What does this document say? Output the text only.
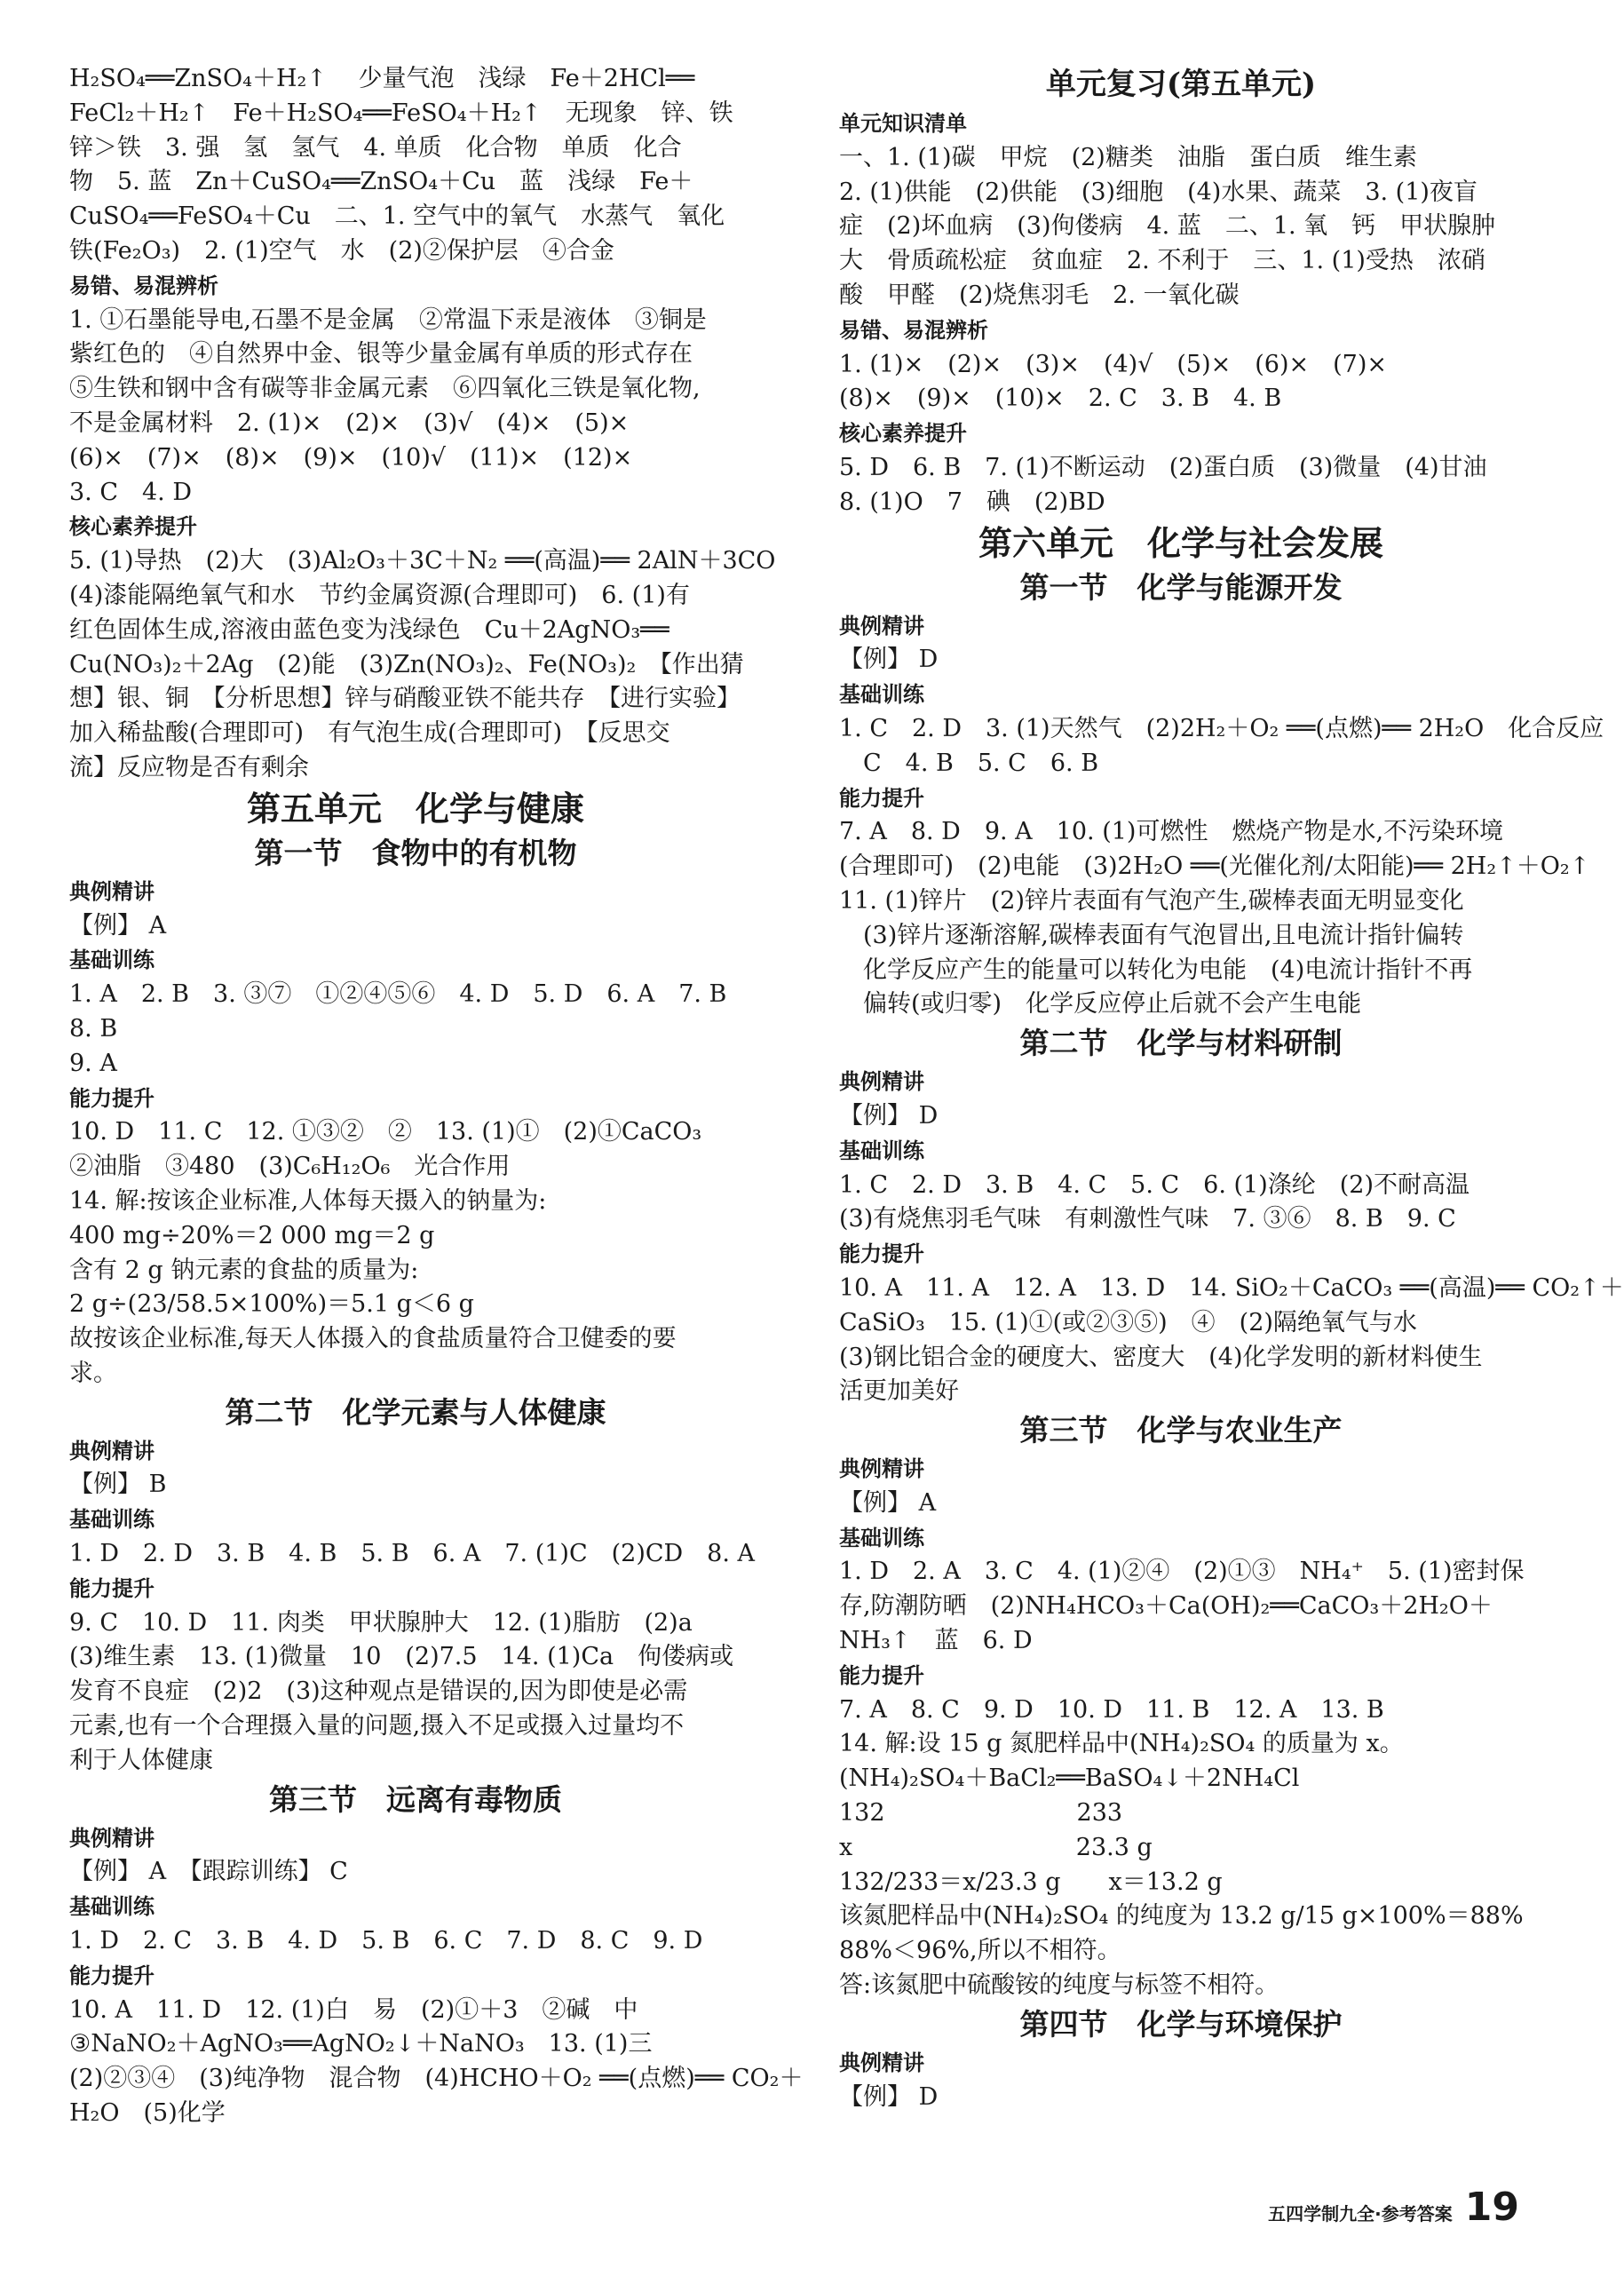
H₂SO₄══ZnSO₄＋H₂↑　 少量气泡　浅绿　Fe＋2HCl══
FeCl₂＋H₂↑　Fe＋H₂SO₄══FeSO₄＋H₂↑　无现象　锌、铁
锌＞铁　3. 强　氢　氢气　4. 单质　化合物　单质　化合
物　5. 蓝　Zn＋CuSO₄══ZnSO₄＋Cu　蓝　浅绿　Fe＋
CuSO₄══FeSO₄＋Cu　二、1. 空气中的氧气　水蒸气　氧化
铁(Fe₂O₃)　2. (1)空气　水　(2)②保护层　④合金
易错、易混辨析
1. ①石墨能导电,石墨不是金属　②常温下汞是液体　③铜是
紫红色的　④自然界中金、银等少量金属有单质的形式存在
⑤生铁和钢中含有碳等非金属元素　⑥四氧化三铁是氧化物,
不是金属材料　2. (1)×　(2)×　(3)√　(4)×　(5)×
(6)×　(7)×　(8)×　(9)×　(10)√　(11)×　(12)×
3. C　4. D
核心素养提升
5. (1)导热　(2)大　(3)Al₂O₃＋3C＋N₂ ══(高温)══ 2AlN＋3CO
(4)漆能隔绝氧气和水　节约金属资源(合理即可)　6. (1)有
红色固体生成,溶液由蓝色变为浅绿色　Cu＋2AgNO₃══
Cu(NO₃)₂＋2Ag　(2)能　(3)Zn(NO₃)₂、Fe(NO₃)₂　【作出猜
想】银、铜　【分析思想】锌与硝酸亚铁不能共存　【进行实验】
加入稀盐酸(合理即可)　有气泡生成(合理即可)　【反思交
流】反应物是否有剩余
第五单元　化学与健康
第一节　食物中的有机物
典例精讲
【例】 A
基础训练
1. A　2. B　3. ③⑦　①②④⑤⑥　4. D　5. D　6. A　7. B
8. B
9. A
能力提升
10. D　11. C　12. ①③②　②　13. (1)①　(2)①CaCO₃
②油脂　③480　(3)C₆H₁₂O₆　光合作用
14. 解:按该企业标准,人体每天摄入的钠量为:
400 mg÷20%＝2 000 mg＝2 g
含有 2 g 钠元素的食盐的质量为:
2 g÷(23/58.5×100%)＝5.1 g＜6 g
故按该企业标准,每天人体摄入的食盐质量符合卫健委的要
求。
第二节　化学元素与人体健康
典例精讲
【例】 B
基础训练
1. D　2. D　3. B　4. B　5. B　6. A　7. (1)C　(2)CD　8. A
能力提升
9. C　10. D　11. 肉类　甲状腺肿大　12. (1)脂肪　(2)a
(3)维生素　13. (1)微量　10　(2)7.5　14. (1)Ca　佝偻病或
发育不良症　(2)2　(3)这种观点是错误的,因为即使是必需
元素,也有一个合理摄入量的问题,摄入不足或摄入过量均不
利于人体健康
第三节　远离有毒物质
典例精讲
【例】 A　【跟踪训练】 C
基础训练
1. D　2. C　3. B　4. D　5. B　6. C　7. D　8. C　9. D
能力提升
10. A　11. D　12. (1)白　易　(2)①＋3　②碱　中
③NaNO₂＋AgNO₃══AgNO₂↓＋NaNO₃　13. (1)三
(2)②③④　(3)纯净物　混合物　(4)HCHO＋O₂ ══(点燃)══ CO₂＋
H₂O　(5)化学
单元复习(第五单元)
单元知识清单
一、1. (1)碳　甲烷　(2)糖类　油脂　蛋白质　维生素
2. (1)供能　(2)供能　(3)细胞　(4)水果、蔬菜　3. (1)夜盲
症　(2)坏血病　(3)佝偻病　4. 蓝　二、1. 氧　钙　甲状腺肿
大　骨质疏松症　贫血症　2. 不利于　三、1. (1)受热　浓硝
酸　甲醛　(2)烧焦羽毛　2. 一氧化碳
易错、易混辨析
1. (1)×　(2)×　(3)×　(4)√　(5)×　(6)×　(7)×
(8)×　(9)×　(10)×　2. C　3. B　4. B
核心素养提升
5. D　6. B　7. (1)不断运动　(2)蛋白质　(3)微量　(4)甘油
8. (1)O　7　碘　(2)BD
第六单元　化学与社会发展
第一节　化学与能源开发
典例精讲
【例】 D
基础训练
1. C　2. D　3. (1)天然气　(2)2H₂＋O₂ ══(点燃)══ 2H₂O　化合反应
　C　4. B　5. C　6. B
能力提升
7. A　8. D　9. A　10. (1)可燃性　燃烧产物是水,不污染环境
(合理即可)　(2)电能　(3)2H₂O ══(光催化剂/太阳能)══ 2H₂↑＋O₂↑
11. (1)锌片　(2)锌片表面有气泡产生,碳棒表面无明显变化
　(3)锌片逐渐溶解,碳棒表面有气泡冒出,且电流计指针偏转
　化学反应产生的能量可以转化为电能　(4)电流计指针不再
　偏转(或归零)　化学反应停止后就不会产生电能
第二节　化学与材料研制
典例精讲
【例】 D
基础训练
1. C　2. D　3. B　4. C　5. C　6. (1)涤纶　(2)不耐高温
(3)有烧焦羽毛气味　有刺激性气味　7. ③⑥　8. B　9. C
能力提升
10. A　11. A　12. A　13. D　14. SiO₂＋CaCO₃ ══(高温)══ CO₂↑＋
CaSiO₃　15. (1)①(或②③⑤)　④　(2)隔绝氧气与水
(3)钢比铝合金的硬度大、密度大　(4)化学发明的新材料使生
活更加美好
第三节　化学与农业生产
典例精讲
【例】 A
基础训练
1. D　2. A　3. C　4. (1)②④　(2)①③　NH₄⁺　5. (1)密封保
存,防潮防晒　(2)NH₄HCO₃＋Ca(OH)₂══CaCO₃＋2H₂O＋
NH₃↑　蓝　6. D
能力提升
7. A　8. C　9. D　10. D　11. B　12. A　13. B
14. 解:设 15 g 氮肥样品中(NH₄)₂SO₄ 的质量为 x。
(NH₄)₂SO₄＋BaCl₂══BaSO₄↓＋2NH₄Cl
132　　　　　　　　233
x　　　　　　　　　 23.3 g
132/233＝x/23.3 g　　x＝13.2 g
该氮肥样品中(NH₄)₂SO₄ 的纯度为 13.2 g/15 g×100%＝88%
88%＜96%,所以不相符。
答:该氮肥中硫酸铵的纯度与标签不相符。
第四节　化学与环境保护
典例精讲
【例】 D
五四学制九全·参考答案 19
